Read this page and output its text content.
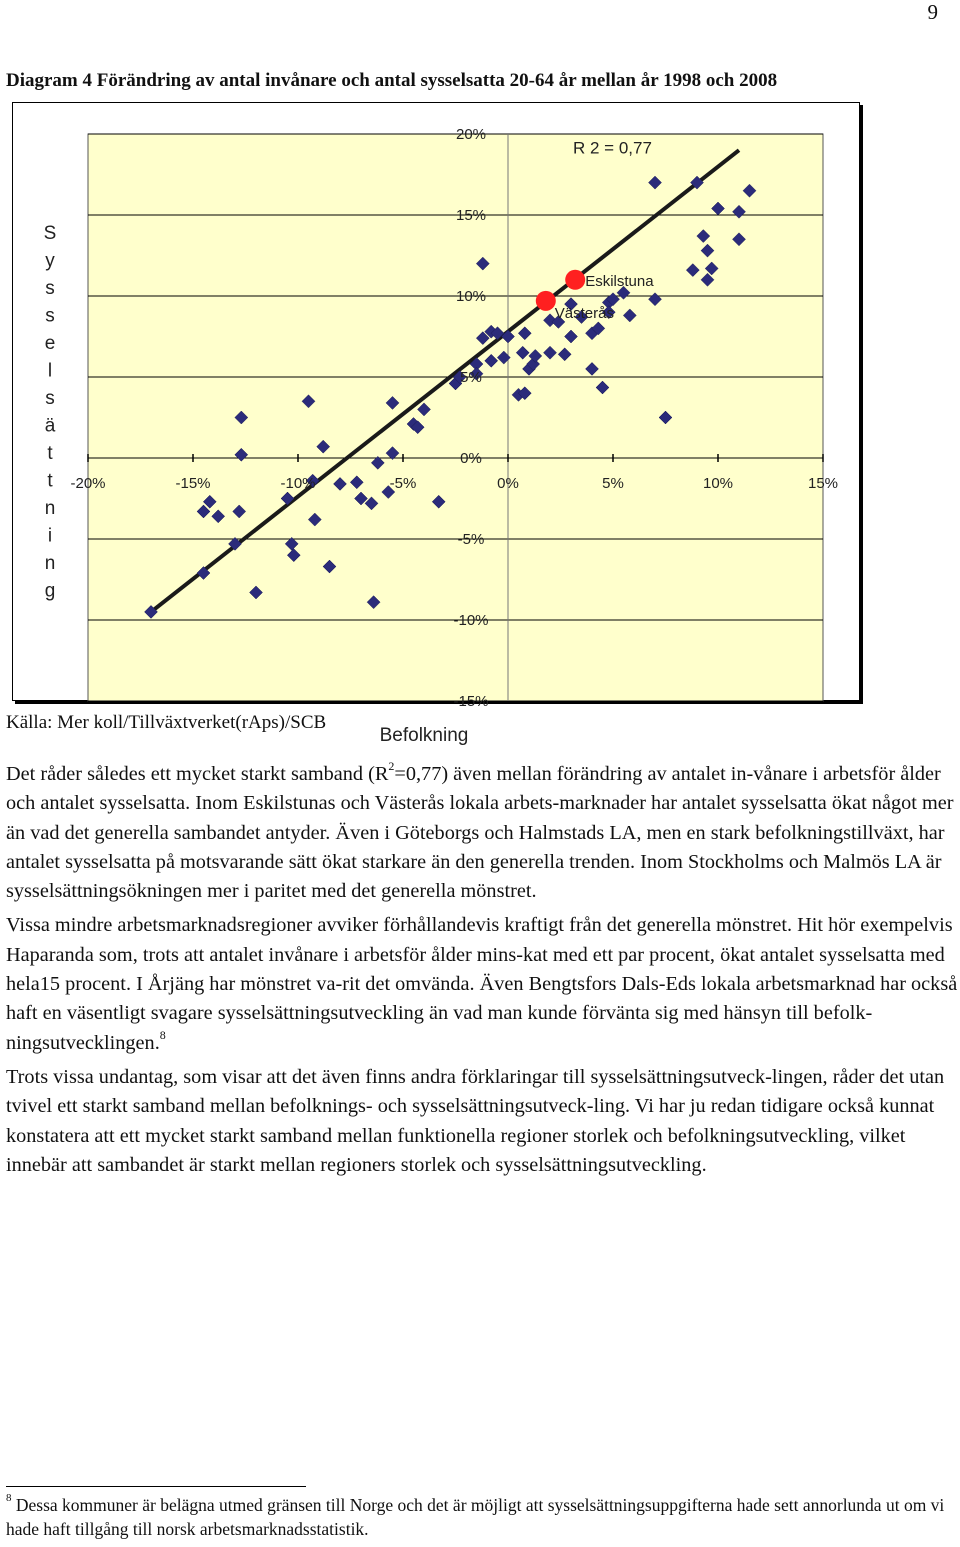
9
Diagram 4 Förändring av antal invånare och antal sysselsatta 20-64 år mellan år 1998 och 2008
20%
15%
10%
5%
0%
-5%
-10%
-15%
-20%	-15%	-10%	-5%	0%	5%	10%	15%
Eskilstuna
Västerås
R 2 = 0,77
Befolkning
S
y
s
s
e
l
s
ä
t
t
n
i
n
g
Källa: Mer koll/Tillväxtverket(rAps)/SCB

Det råder således ett mycket starkt samband $(R^2=0,77)$ även mellan förändring av antalet in-vånare i arbetsför ålder och antalet sysselsatta. Inom Eskilstunas och Västerås lokala arbets-marknader har antalet sysselsatta ökat något mer än vad det generella sambandet antyder. Även i Göteborgs och Halmstads LA, men en stark befolkningstillväxt, har antalet sysselsatta på motsvarande sätt ökat starkare än den generella trenden. Inom Stockholms och Malmös LA är sysselsättningsökningen mer i paritet med det generella mönstret.

Vissa mindre arbetsmarknadsregioner avviker förhållandevis kraftigt från det generella mönstret. Hit hör exempelvis Haparanda som, trots att antalet invånare i arbetsför ålder mins-kat med ett par procent, ökat antalet sysselsatta med hela15 procent. I Årjäng har mönstret va-rit det omvända. Även Bengtsfors Dals-Eds lokala arbetsmarknad har också haft en väsentligt svagare sysselsättningsutveckling än vad man kunde förvänta sig med hänsyn till befolk-ningsutvecklingen.$^8$

Trots vissa undantag, som visar att det även finns andra förklaringar till sysselsättningsutveck-lingen, råder det utan tvivel ett starkt samband mellan befolknings- och sysselsättningsutveck-ling. Vi har ju redan tidigare också kunnat konstatera att ett mycket starkt samband mellan funktionella regioner storlek och befolkningsutveckling, vilket innebär att sambandet är starkt mellan regioners storlek och sysselsättningsutveckling.

$^8$ Dessa kommuner är belägna utmed gränsen till Norge och det är möjligt att sysselsättningsuppgifterna hade sett annorlunda ut om vi hade haft tillgång till norsk arbetsmarknadsstatistik.
